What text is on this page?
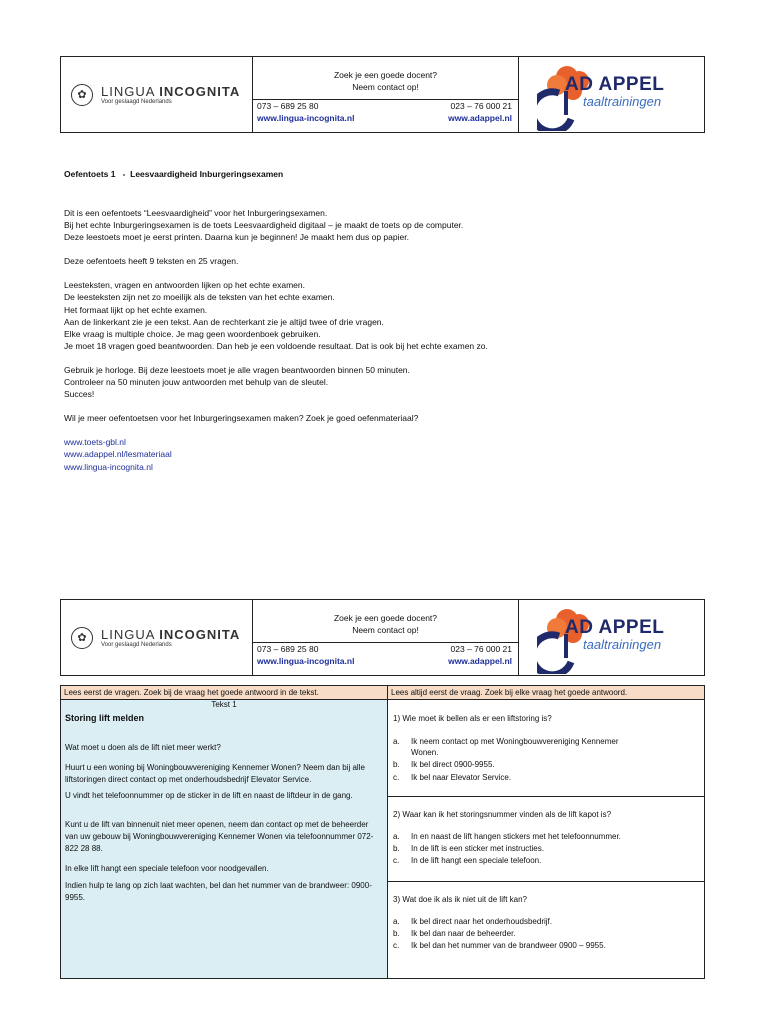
✿	LINGUA INCOGNITA
Voor geslaagd Nederlands
Zoek je een goede docent?
Neem contact op!
073 – 689 25 80	023 – 76 000 21
www.lingua-incognita.nl	www.adappel.nl
AD APPEL
taaltrainingen
Oefentoets 1   -  Leesvaardigheid Inburgeringsexamen
Dit is een oefentoets “Leesvaardigheid” voor het Inburgeringsexamen.
Bij het echte Inburgeringsexamen is de toets Leesvaardigheid digitaal – je maakt de toets op de computer.
Deze leestoets moet je eerst printen. Daarna kun je beginnen! Je maakt hem dus op papier.
Deze oefentoets heeft 9 teksten en 25 vragen.
Leesteksten, vragen en antwoorden lijken op het echte examen.
De leesteksten zijn net zo moeilijk als de teksten van het echte examen.
Het formaat lijkt op het echte examen.
Aan de linkerkant zie je een tekst. Aan de rechterkant zie je altijd twee of drie vragen.
Elke vraag is multiple choice. Je mag geen woordenboek gebruiken.
Je moet 18 vragen goed beantwoorden. Dan heb je een voldoende resultaat. Dat is ook bij het echte examen zo.
Gebruik je horloge. Bij deze leestoets moet je alle vragen beantwoorden binnen 50 minuten.
Controleer na 50 minuten jouw antwoorden met behulp van de sleutel.
Succes!
Wil je meer oefentoetsen voor het Inburgeringsexamen maken? Zoek je goed oefenmateriaal?
www.toets-gbl.nl
www.adappel.nl/lesmateriaal
www.lingua-incognita.nl
✿	LINGUA INCOGNITA
Voor geslaagd Nederlands
Zoek je een goede docent?
Neem contact op!
073 – 689 25 80	023 – 76 000 21
www.lingua-incognita.nl	www.adappel.nl
AD APPEL
taaltrainingen
Lees eerst de vragen. Zoek bij de vraag het goede antwoord in de tekst.	Lees altijd eerst de vraag. Zoek bij elke vraag het goede antwoord.
Tekst 1
Storing lift melden
Wat moet u doen als de lift niet meer werkt?
Huurt u een woning bij Woningbouwvereniging Kennemer Wonen? Neem dan bij alle liftstoringen direct contact op met onderhoudsbedrijf Elevator Service.
U vindt het telefoonnummer op de sticker in de lift en naast de liftdeur in de gang.
Kunt u de lift van binnenuit niet meer openen, neem dan contact op met de beheerder van uw gebouw bij Woningbouwvereniging Kennemer Wonen via telefoonnummer 072-822 28 88.
In elke lift hangt een speciale telefoon voor noodgevallen.
Indien hulp te lang op zich laat wachten, bel dan het nummer van de brandweer: 0900-9955.
1) Wie moet ik bellen als er een liftstoring is?
a. Ik neem contact op met Woningbouwvereniging Kennemer
Wonen.
b. Ik bel direct 0900-9955.
c. Ik bel naar Elevator Service.
2) Waar kan ik het storingsnummer vinden als de lift kapot is?
a. In en naast de lift hangen stickers met het telefoonnummer.
b. In de lift is een sticker met instructies.
c. In de lift hangt een speciale telefoon.
3) Wat doe ik als ik niet uit de lift kan?
a. Ik bel direct naar het onderhoudsbedrijf.
b. Ik bel dan naar de beheerder.
c. Ik bel dan het nummer van de brandweer 0900 – 9955.
